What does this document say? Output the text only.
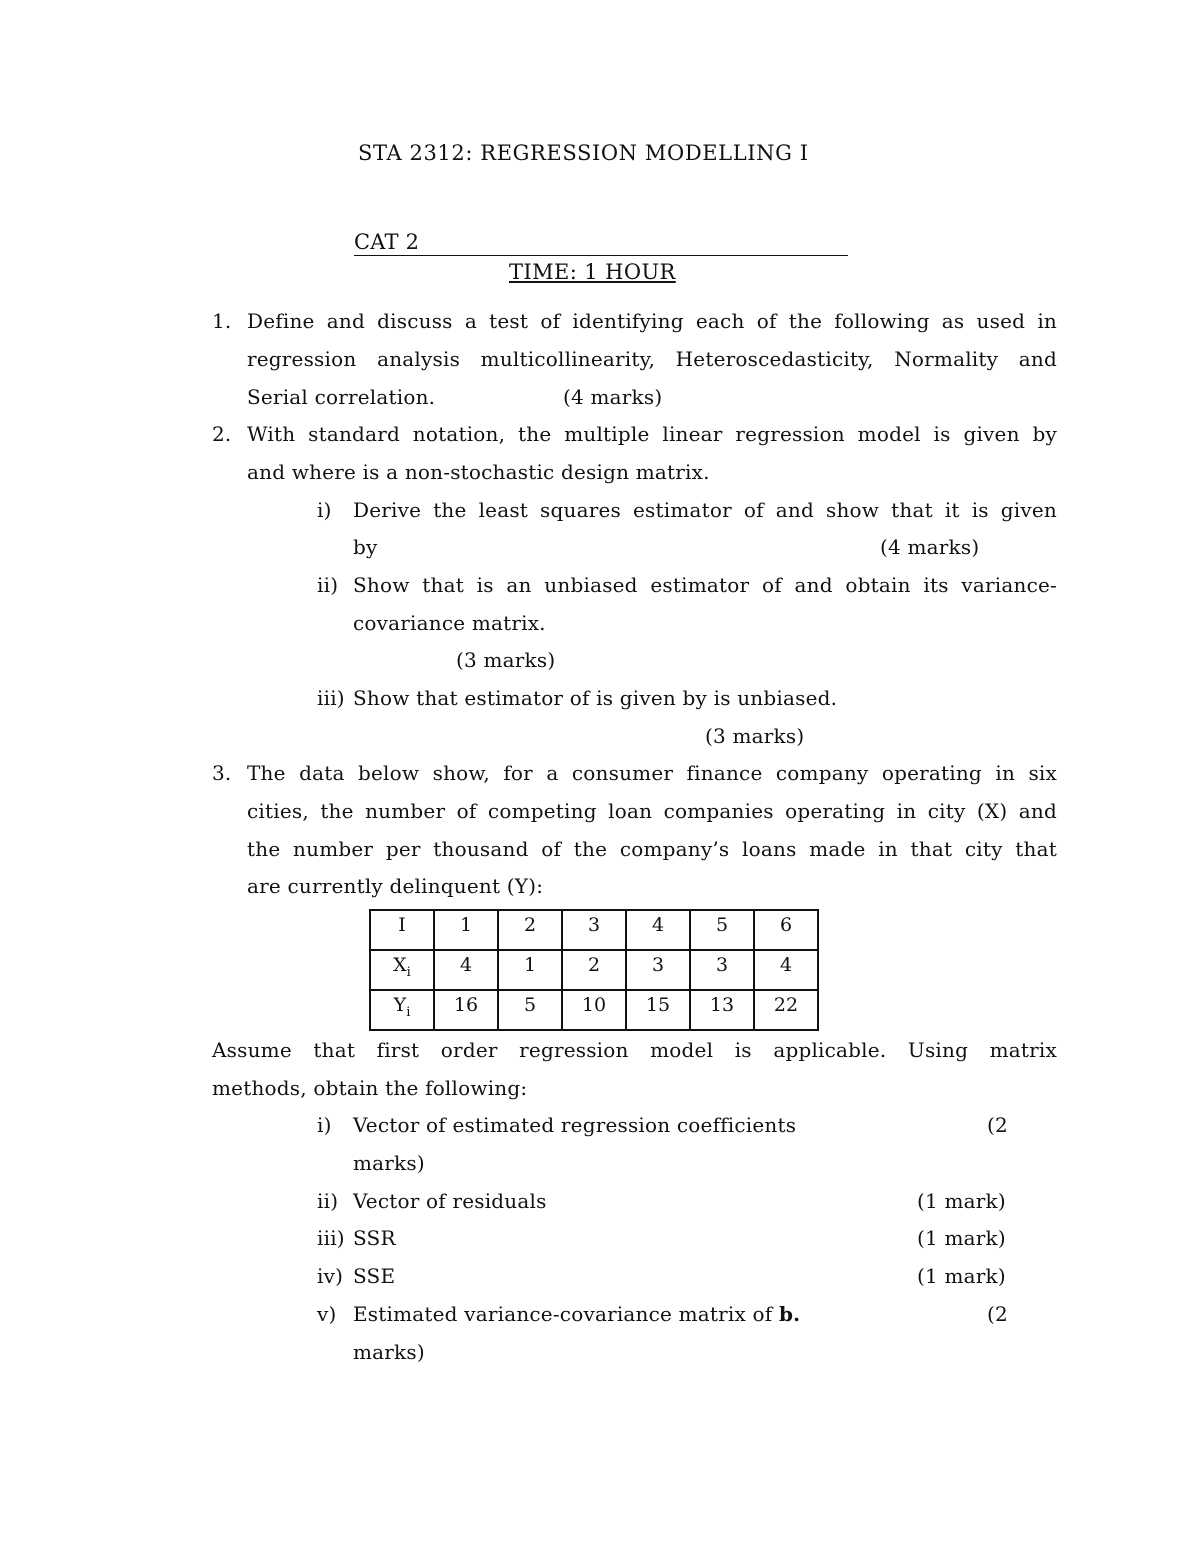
STA 2312: REGRESSION MODELLING I
CAT 2
TIME: 1 HOUR
1. Define and discuss a test of identifying each of the following as used in
regression analysis multicollinearity, Heteroscedasticity, Normality and
Serial correlation.	(4 marks)
2. With standard notation, the multiple linear regression model is given by
and where is a non-stochastic design matrix.
i) Derive the least squares estimator of and show that it is given
by	(4 marks)
ii) Show that is an unbiased estimator of and obtain its variance-
covariance matrix.
(3 marks)
iii) Show that estimator of is given by is unbiased.
(3 marks)
3. The data below show, for a consumer finance company operating in six
cities, the number of competing loan companies operating in city (X) and
the number per thousand of the company’s loans made in that city that
are currently delinquent (Y):
I	1	2	3	4	5	6
$X_i$	4	1	2	3	3	4
$Y_i$	16	5	10	15	13	22
Assume that first order regression model is applicable. Using matrix
methods, obtain the following:
i) Vector of estimated regression coefficients	(2
marks)
ii) Vector of residuals	(1 mark)
iii) SSR	(1 mark)
iv) SSE	(1 mark)
v) Estimated variance-covariance matrix of b.	(2
marks)
